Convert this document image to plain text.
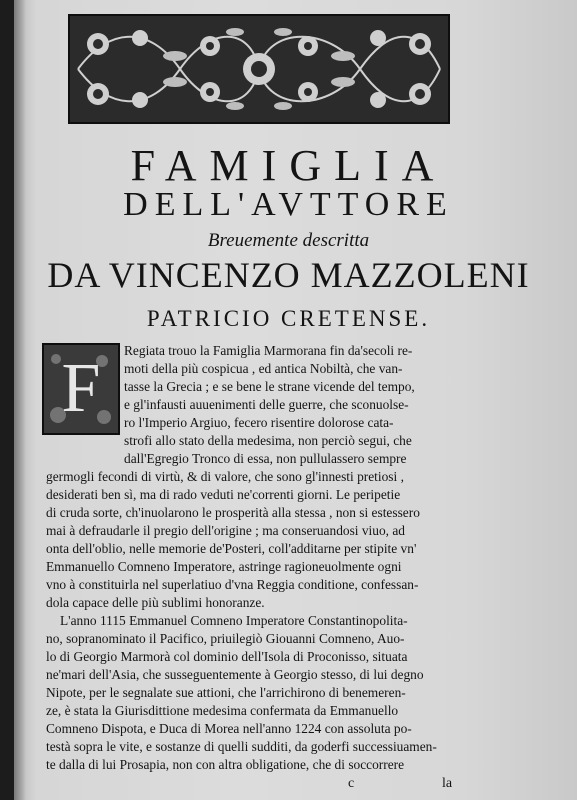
FAMIGLIA
DELL'AVTTORE
Breuemente descritta
DA VINCENZO MAZZOLENI
PATRICIO CRETENSE.
F Regiata trouo la Famiglia Marmorana fin da'secoli re-
moti della più cospicua , ed antica Nobiltà, che van-
tasse la Grecia ; e se bene le strane vicende del tempo,
e gl'infausti auuenimenti delle guerre, che sconuolse-
ro l'Imperio Argiuo, fecero risentire dolorose cata-
strofi allo stato della medesima, non perciò segui, che
dall'Egregio Tronco di essa, non pullulassero sempre
germogli fecondi di virtù, & di valore, che sono gl'innesti pretiosi ,
desiderati ben sì, ma di rado veduti ne'correnti giorni. Le peripetie
di cruda sorte, ch'inuolarono le prosperità alla stessa , non si estessero
mai à defraudarle il pregio dell'origine ; ma conseruandosi viuo, ad
onta dell'oblio, nelle memorie de'Posteri, coll'additarne per stipite vn'
Emmanuello Comneno Imperatore, astringe ragioneuolmente ogni
vno à constituirla nel superlatiuo d'vna Reggia conditione, confessan-
dola capace delle più sublimi honoranze.
L'anno 1115 Emmanuel Comneno Imperatore Constantinopolita-
no, sopranominato il Pacifico, priuilegiò Giouanni Comneno, Auo-
lo di Georgio Marmorà col dominio dell'Isola di Proconisso, situata
ne'mari dell'Asia, che susseguentemente à Georgio stesso, di lui degno
Nipote, per le segnalate sue attioni, che l'arrichirono di benemeren-
ze, è stata la Giurisdittione medesima confermata da Emmanuello
Comneno Dispota, e Duca di Morea nell'anno 1224 con assoluta po-
testà sopra le vite, e sostanze di quelli sudditi, da goderfi successiuamen-
te dalla di lui Prosapia, non con altra obligatione, che di soccorrere
c	la
